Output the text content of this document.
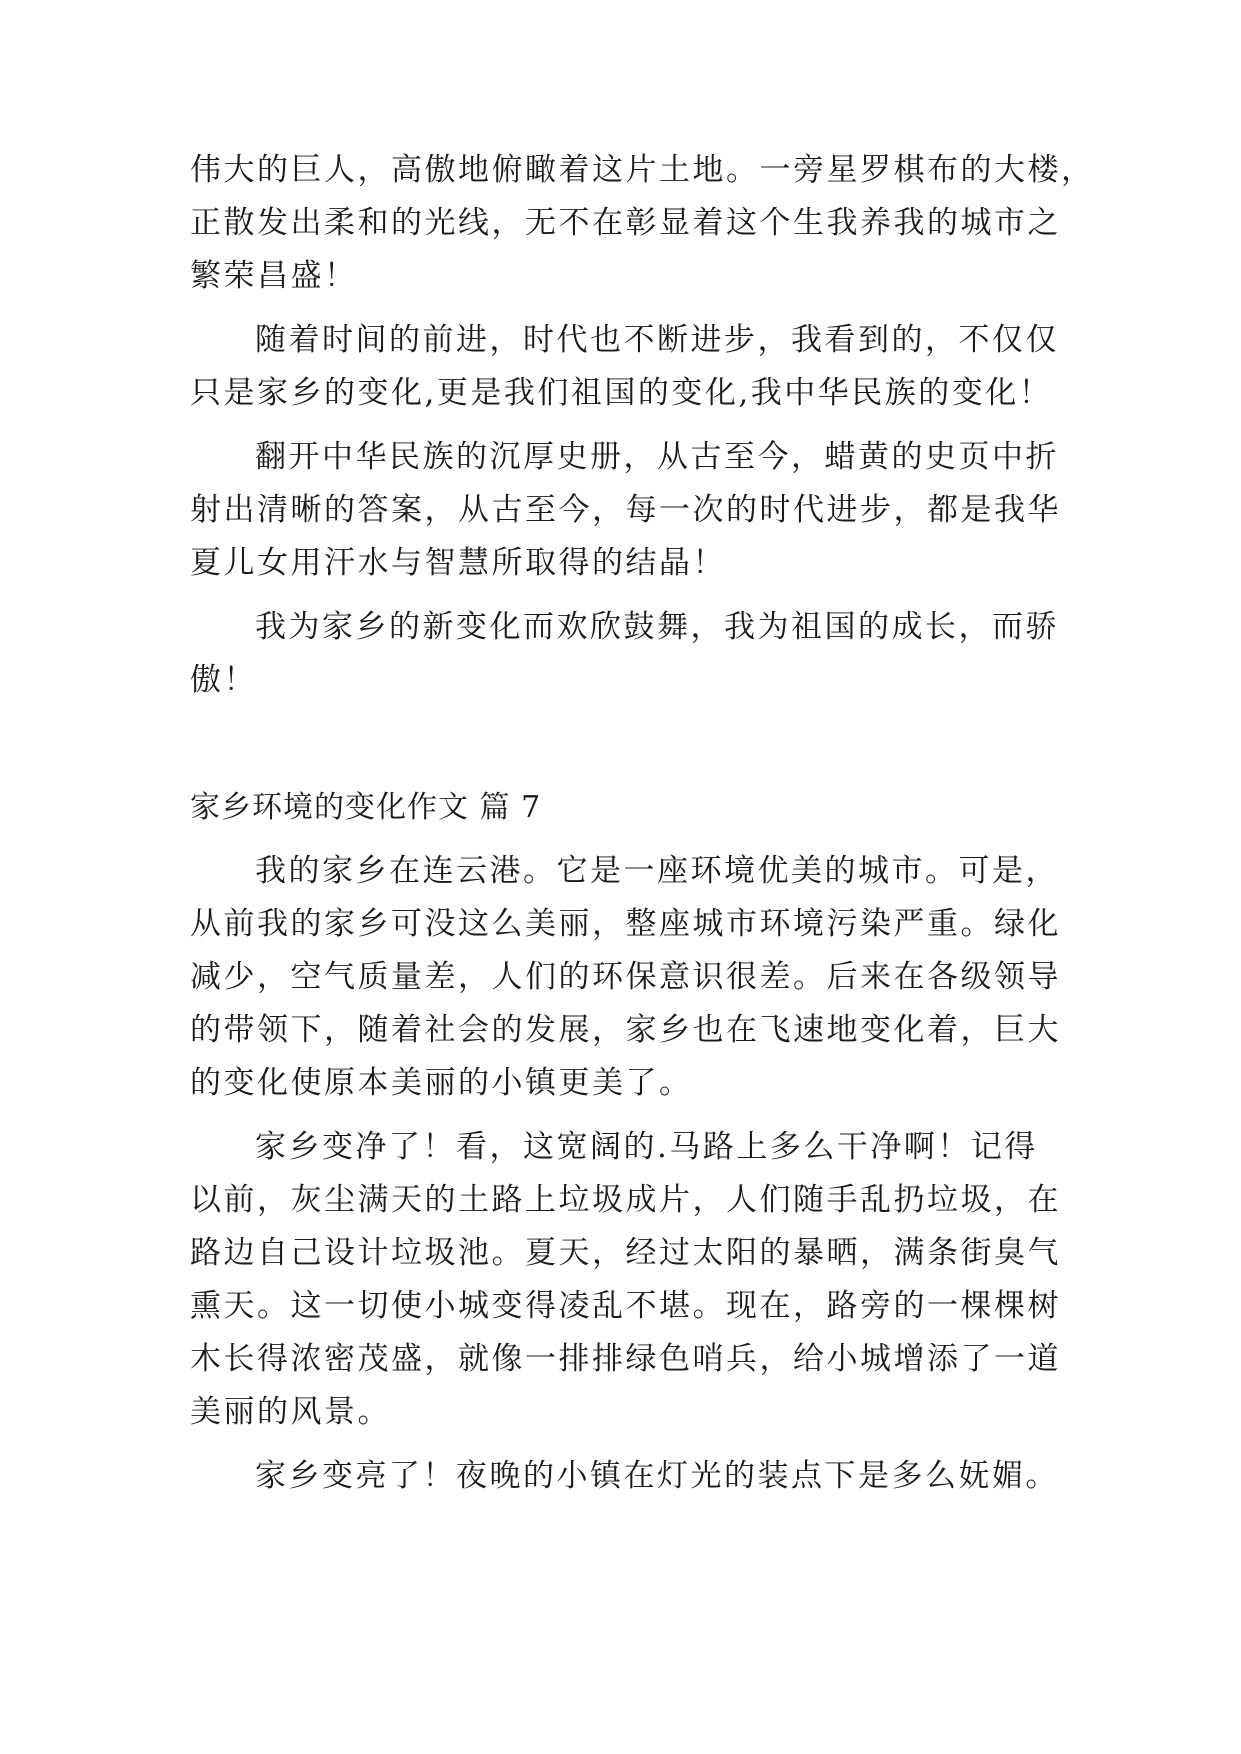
伟大的巨人，高傲地俯瞰着这片土地。一旁星罗棋布的大楼，
正散发出柔和的光线，无不在彰显着这个生我养我的城市之
繁荣昌盛！
随着时间的前进，时代也不断进步，我看到的，不仅仅
只是家乡的变化,更是我们祖国的变化,我中华民族的变化！
翻开中华民族的沉厚史册，从古至今，蜡黄的史页中折
射出清晰的答案，从古至今，每一次的时代进步，都是我华
夏儿女用汗水与智慧所取得的结晶！
我为家乡的新变化而欢欣鼓舞，我为祖国的成长，而骄
傲！
家乡环境的变化作文 篇 7
我的家乡在连云港。它是一座环境优美的城市。可是，
从前我的家乡可没这么美丽，整座城市环境污染严重。绿化
减少，空气质量差，人们的环保意识很差。后来在各级领导
的带领下，随着社会的发展，家乡也在飞速地变化着，巨大
的变化使原本美丽的小镇更美了。
家乡变净了！看，这宽阔的.马路上多么干净啊！记得
以前，灰尘满天的土路上垃圾成片，人们随手乱扔垃圾，在
路边自己设计垃圾池。夏天，经过太阳的暴晒，满条街臭气
熏天。这一切使小城变得凌乱不堪。现在，路旁的一棵棵树
木长得浓密茂盛，就像一排排绿色哨兵，给小城增添了一道
美丽的风景。
家乡变亮了！夜晚的小镇在灯光的装点下是多么妩媚。
